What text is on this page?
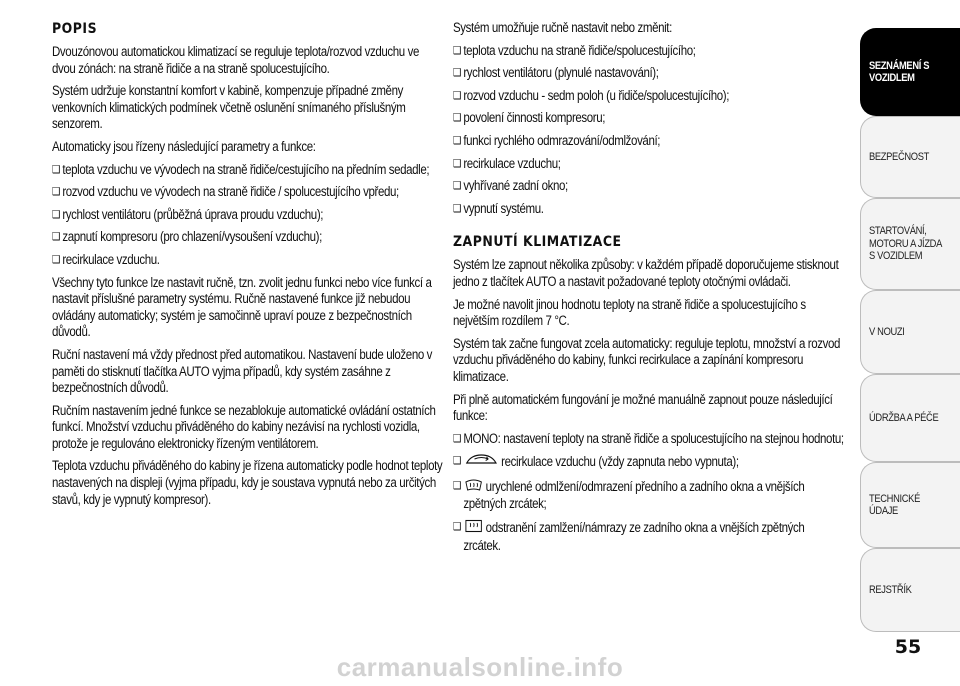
POPIS

Dvouzónovou automatickou klimatizací se reguluje teplota/rozvod vzduchu ve dvou zónách: na straně řidiče a na straně spolucestujícího.

Systém udržuje konstantní komfort v kabině, kompenzuje případné změny venkovních klimatických podmínek včetně oslunění snímaného příslušným senzorem.

Automaticky jsou řízeny následující parametry a funkce:

❑ teplota vzduchu ve vývodech na straně řidiče/cestujícího na předním sedadle;
❑ rozvod vzduchu ve vývodech na straně řidiče / spolucestujícího vpředu;
❑ rychlost ventilátoru (průběžná úprava proudu vzduchu);
❑ zapnutí kompresoru (pro chlazení/vysoušení vzduchu);
❑ recirkulace vzduchu.

Všechny tyto funkce lze nastavit ručně, tzn. zvolit jednu funkci nebo více funkcí a nastavit příslušné parametry systému. Ručně nastavené funkce již nebudou ovládány automaticky; systém je samočinně upraví pouze z bezpečnostních důvodů.

Ruční nastavení má vždy přednost před automatikou. Nastavení bude uloženo v paměti do stisknutí tlačítka AUTO vyjma případů, kdy systém zasáhne z bezpečnostních důvodů.

Ručním nastavením jedné funkce se nezablokuje automatické ovládání ostatních funkcí. Množství vzduchu přiváděného do kabiny nezávisí na rychlosti vozidla, protože je regulováno elektronicky řízeným ventilátorem.

Teplota vzduchu přiváděného do kabiny je řízena automaticky podle hodnot teploty nastavených na displeji (vyjma případu, kdy je soustava vypnutá nebo za určitých stavů, kdy je vypnutý kompresor).

Systém umožňuje ručně nastavit nebo změnit:

❑ teplota vzduchu na straně řidiče/spolucestujícího;
❑ rychlost ventilátoru (plynulé nastavování);
❑ rozvod vzduchu - sedm poloh (u řidiče/spolucestujícího);
❑ povolení činnosti kompresoru;
❑ funkci rychlého odmrazování/odmlžování;
❑ recirkulace vzduchu;
❑ vyhřívané zadní okno;
❑ vypnutí systému.
ZAPNUTÍ KLIMATIZACE

Systém lze zapnout několika způsoby: v každém případě doporučujeme stisknout jedno z tlačítek AUTO a nastavit požadované teploty otočnými ovládači.

Je možné navolit jinou hodnotu teploty na straně řidiče a spolucestujícího s největším rozdílem 7 °C.

Systém tak začne fungovat zcela automaticky: reguluje teplotu, množství a rozvod vzduchu přiváděného do kabiny, funkci recirkulace a zapínání kompresoru klimatizace.

Při plně automatickém fungování je možné manuálně zapnout pouze následující funkce:

❑ MONO: nastavení teploty na straně řidiče a spolucestujícího na stejnou hodnotu;
❑ recirkulace vzduchu (vždy zapnuta nebo vypnuta);
❑ urychlené odmlžení/odmrazení předního a zadního okna a vnějších zpětných zrcátek;
❑ odstranění zamlžení/námrazy ze zadního okna a vnějších zpětných zrcátek.
SEZNÁMENÍ S VOZIDLEM
BEZPEČNOST
STARTOVÁNÍ, MOTORU A JÍZDA S VOZIDLEM
V NOUZI
ÚDRŽBA A PÉČE
TECHNICKÉ ÚDAJE
REJSTŘÍK
55
carmanualsonline.info
